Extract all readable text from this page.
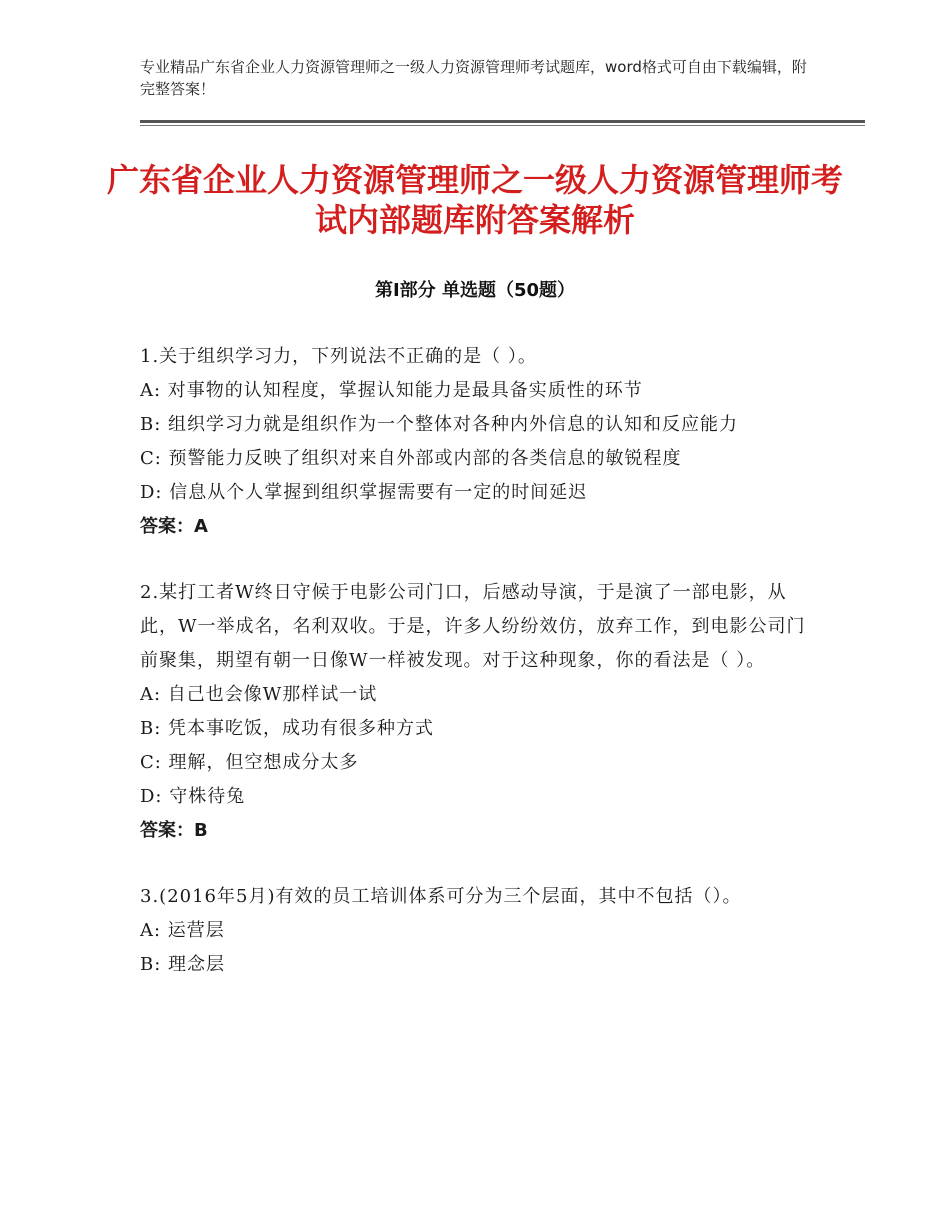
专业精品广东省企业人力资源管理师之一级人力资源管理师考试题库，word格式可自由下载编辑，附完整答案！
广东省企业人力资源管理师之一级人力资源管理师考试内部题库附答案解析
第Ⅰ部分 单选题（50题）

1.关于组织学习力，下列说法不正确的是（ ）。

A: 对事物的认知程度，掌握认知能力是最具备实质性的环节

B: 组织学习力就是组织作为一个整体对各种内外信息的认知和反应能力

C: 预警能力反映了组织对来自外部或内部的各类信息的敏锐程度

D: 信息从个人掌握到组织掌握需要有一定的时间延迟

答案：A

2.某打工者W终日守候于电影公司门口，后感动导演，于是演了一部电影，从此，W一举成名，名利双收。于是，许多人纷纷效仿，放弃工作，到电影公司门前聚集，期望有朝一日像W一样被发现。对于这种现象，你的看法是（ ）。

A: 自己也会像W那样试一试

B: 凭本事吃饭，成功有很多种方式

C: 理解，但空想成分太多

D: 守株待兔

答案：B

3.(2016年5月)有效的员工培训体系可分为三个层面，其中不包括（）。

A: 运营层

B: 理念层
